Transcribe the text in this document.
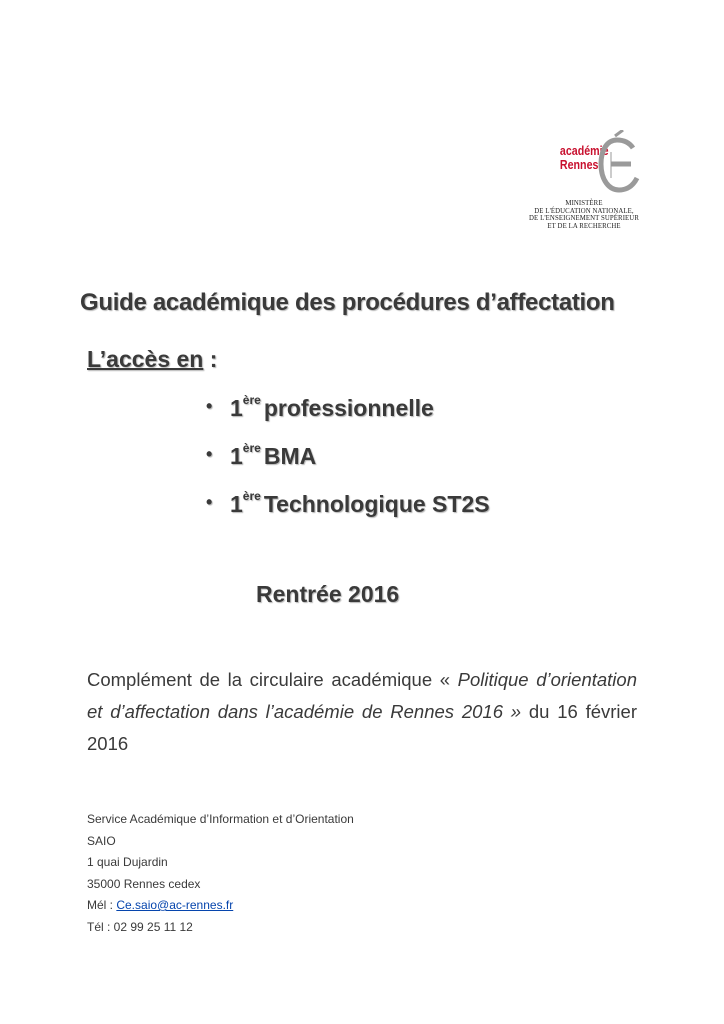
académie
Rennes
MINISTÈRE
DE L'ÉDUCATION NATIONALE,
DE L'ENSEIGNEMENT SUPÉRIEUR
ET DE LA RECHERCHE
Guide académique des procédures d’affectation
L’accès en :
• 1ère professionnelle
• 1ère BMA
• 1ère Technologique ST2S
Rentrée 2016

Complément de la circulaire académique « Politique d’orientation et d’affectation dans l’académie de Rennes 2016 » du 16 février 2016

Service Académique d’Information et d’Orientation
SAIO
1 quai Dujardin
35000 Rennes cedex
Mél : Ce.saio@ac-rennes.fr
Tél : 02 99 25 11 12
